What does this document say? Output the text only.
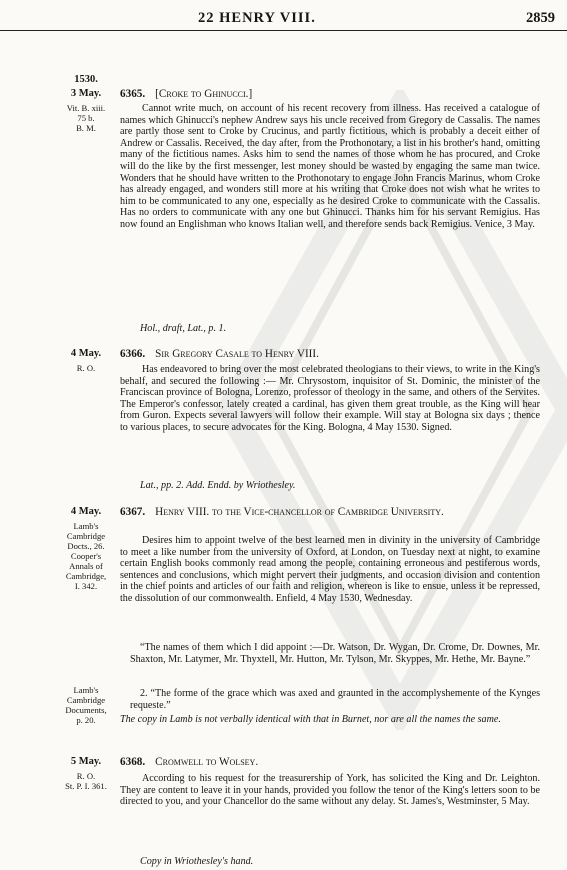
22 HENRY VIII.	2859
1530.
3 May.
Vit. B. xiii.
75 b.
B. M.
6365. [Croke to Ghinucci.]

Cannot write much, on account of his recent recovery from illness. Has received a catalogue of names which Ghinucci's nephew Andrew says his uncle received from Gregory de Cassalis. The names are partly those sent to Croke by Crucinus, and partly fictitious, which is probably a deceit either of Andrew or Cassalis. Received, the day after, from the Prothonotary, a list in his brother's hand, omitting many of the fictitious names. Asks him to send the names of those whom he has procured, and Croke will do the like by the first messenger, lest money should be wasted by engaging the same man twice. Wonders that he should have written to the Prothonotary to engage John Francis Marinus, whom Croke has already engaged, and wonders still more at his writing that Croke does not wish what he writes to him to be communicated to any one, especially as he desired Croke to communicate with the Cassalis. Has no orders to communicate with any one but Ghinucci. Thanks him for his servant Remigius. Has now found an Englishman who knows Italian well, and therefore sends back Remigius. Venice, 3 May.

Hol., draft, Lat., p. 1.
4 May.
R. O.
6366. Sir Gregory Casale to Henry VIII.

Has endeavored to bring over the most celebrated theologians to their views, to write in the King's behalf, and secured the following :— Mr. Chrysostom, inquisitor of St. Dominic, the minister of the Franciscan province of Bologna, Lorenzo, professor of theology in the same, and others of the Servites. The Emperor's confessor, lately created a cardinal, has given them great trouble, as the King will hear from Guron. Expects several lawyers will follow their example. Will stay at Bologna six days ; thence to various places, to secure advocates for the King. Bologna, 4 May 1530. Signed.

Lat., pp. 2. Add. Endd. by Wriothesley.
4 May.
Lamb's
Cambridge
Docts., 26.
Cooper's
Annals of
Cambridge,
I. 342.
6367. Henry VIII. to the Vice-chancellor of Cambridge University.

Desires him to appoint twelve of the best learned men in divinity in the university of Cambridge to meet a like number from the university of Oxford, at London, on Tuesday next at night, to examine certain English books commonly read among the people, containing erroneous and pestiferous words, sentences and conclusions, which might pervert their judgments, and occasion division and contention in the chief points and articles of our faith and religion, whereon is like to ensue, unless it be repressed, the dissolution of our commonwealth. Enfield, 4 May 1530, Wednesday.

“The names of them which I did appoint :—Dr. Watson, Dr. Wygan, Dr. Crome, Dr. Downes, Mr. Shaxton, Mr. Latymer, Mr. Thyxtell, Mr. Hutton, Mr. Tylson, Mr. Skyppes, Mr. Hethe, Mr. Bayne.”

Lamb's
Cambridge
Documents,
p. 20.

2. “The forme of the grace which was axed and graunted in the accomplyshemente of the Kynges requeste.”

The copy in Lamb is not verbally identical with that in Burnet, nor are all the names the same.
5 May.
R. O.
St. P. I. 361.
6368. Cromwell to Wolsey.

According to his request for the treasurership of York, has solicited the King and Dr. Leighton. They are content to leave it in your hands, provided you follow the tenor of the King's letters soon to be directed to you, and your Chancellor do the same without any delay. St. James's, Westminster, 5 May.

Copy in Wriothesley's hand.
